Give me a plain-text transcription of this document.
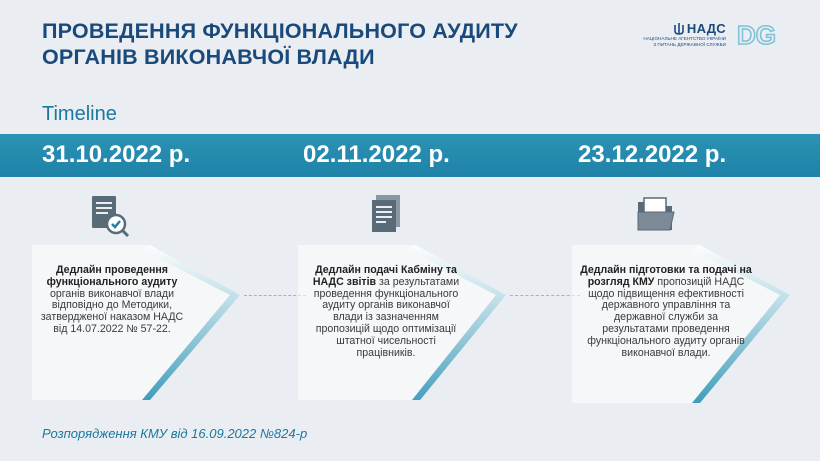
ПРОВЕДЕННЯ ФУНКЦІОНАЛЬНОГО АУДИТУ
ОРГАНІВ ВИКОНАВЧОЇ ВЛАДИ
НАДС
НАЦІОНАЛЬНЕ АГЕНТСТВО УКРАЇНИ
З ПИТАНЬ ДЕРЖАВНОЇ СЛУЖБИ DG
Timeline
31.10.2022 р.	02.11.2022 р.	23.12.2022 р.
Дедлайн проведення функціонального аудиту органів виконавчої влади відповідно до Методики, затвердженої наказом НАДС від 14.07.2022 № 57-22.
Дедлайн подачі Кабміну та НАДС звітів за результатами проведення функціонального аудиту органів виконавчої влади із зазначенням пропозицій щодо оптимізації штатної чисельності працівників.
Дедлайн підготовки та подачі на розгляд КМУ пропозицій НАДС щодо підвищення ефективності державного управління та державної служби за результатами проведення функціонального аудиту органів виконавчої влади.
Розпорядження КМУ від 16.09.2022 №824-р
